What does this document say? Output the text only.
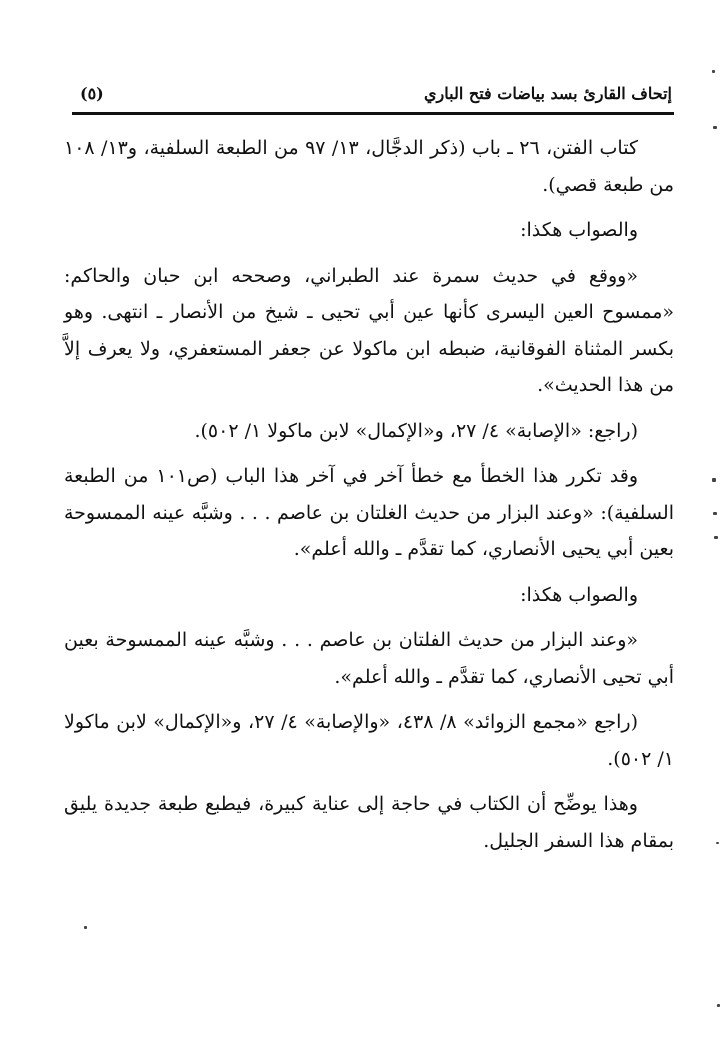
إتحاف القارئ بسد بياضات فتح الباري
(٥)

كتاب الفتن، ٢٦ ـ باب (ذكر الدجَّال، ١٣/ ٩٧ من الطبعة السلفية، و١٣/ ١٠٨ من طبعة قصي).

والصواب هكذا:

«ووقع في حديث سمرة عند الطبراني، وصححه ابن حبان والحاكم: «ممسوح العين اليسرى كأنها عين أبي تحيى ـ شيخ من الأنصار ـ انتهى. وهو بكسر المثناة الفوقانية، ضبطه ابن ماكولا عن جعفر المستعفري، ولا يعرف إلاَّ من هذا الحديث».

(راجع: «الإصابة» ٤/ ٢٧، و«الإكمال» لابن ماكولا ١/ ٥٠٢).

وقد تكرر هذا الخطأ مع خطأ آخر في آخر هذا الباب (ص١٠١ من الطبعة السلفية): «وعند البزار من حديث الغلتان بن عاصم . . . وشبَّه عينه الممسوحة بعين أبي يحيى الأنصاري، كما تقدَّم ـ والله أعلم».

والصواب هكذا:

«وعند البزار من حديث الفلتان بن عاصم . . . وشبَّه عينه الممسوحة بعين أبي تحيى الأنصاري، كما تقدَّم ـ والله أعلم».

(راجع «مجمع الزوائد» ٨/ ٤٣٨، «والإصابة» ٤/ ٢٧، و«الإكمال» لابن ماكولا ١/ ٥٠٢).

وهذا يوضِّح أن الكتاب في حاجة إلى عناية كبيرة، فيطبع طبعة جديدة يليق بمقام هذا السفر الجليل.
